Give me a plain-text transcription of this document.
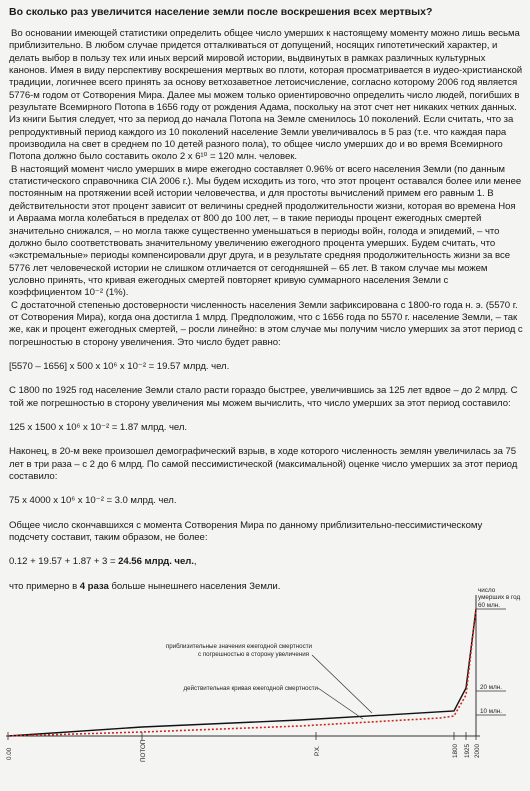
Во сколько раз увеличится население земли после воскрешения всех мертвых?

Во основании имеющей статистики определить общее число умерших к настоящему моменту можно лишь весьма приблизительно. В любом случае придется отталкиваться от допущений, носящих гипотетический характер, и делать выбор в пользу тех или иных версий мировой истории, выдвинутых в рамках различных культурных канонов. Имея в виду перспективу воскрешения мертвых во плоти, которая просматривается в иудео-христианской традиции, логичнее всего принять за основу ветхозаветное летоисчисление, согласно которому 2006 год является 5776-м годом от Сотворения Мира. Далее мы можем только ориентировочно определить число людей, погибших в результате Всемирного Потопа в 1656 году от рождения Адама, поскольку на этот счет нет никаких четких данных. Из книги Бытия следует, что за период до начала Потопа на Земле сменилось 10 поколений. Если считать, что за репродуктивный период каждого из 10 поколений население Земли увеличивалось в 5 раз (т.е. что каждая пара производила на свет в среднем по 10 детей разного пола), то общее число умерших до и во время Всемирного Потопа должно было составить около 2 х 6¹⁰ = 120 млн. человек.

В настоящий момент число умерших в мире ежегодно составляет 0.96% от всего населения Земли (по данным статистического справочника CIA 2006 г.). Мы будем исходить из того, что этот процент оставался более или менее постоянным на протяжении всей истории человечества, и для простоты вычислений примем его равным 1. В действительности этот процент зависит от величины средней продолжительности жизни, которая во времена Ноя и Авраама могла колебаться в пределах от 800 до 100 лет, – в такие периоды процент ежегодных смертей значительно снижался, – но могла также существенно уменьшаться в периоды войн, голода и эпидемий, – что должно было соответствовать значительному увеличению ежегодного процента умерших. Будем считать, что «экстремальные» периоды компенсировали друг друга, и в результате средняя продолжительность жизни за все 5776 лет человеческой истории не слишком отличается от сегодняшней – 65 лет. В таком случае мы можем условно принять, что кривая ежегодных смертей повторяет кривую суммарного населения Земли с коэффициентом 10⁻² (1%).

С достаточной степенью достоверности численность населения Земли зафиксирована с 1800-го года н. э. (5570 г. от Сотворения Мира), когда она достигла 1 млрд. Предположим, что с 1656 года по 5570 г. население Земли, – так же, как и процент ежегодных смертей, – росли линейно: в этом случае мы получим число умерших за этот период с погрешностью в сторону увеличения. Это число будет равно:

[5570 – 1656] х 500 х 10⁶ х 10⁻² = 19.57 млрд. чел.

С 1800 по 1925 год население Земли стало расти гораздо быстрее, увеличившись за 125 лет вдвое – до 2 млрд. С той же погрешностью в сторону увеличения мы можем вычислить, что число умерших за этот период составило:

125 х 1500 х 10⁶ х 10⁻² = 1.87 млрд. чел.

Наконец, в 20-м веке произошел демографический взрыв, в ходе которого численность землян увеличилась за 75 лет в три раза – с 2 до 6 млрд. По самой пессимистической (максимальной) оценке число умерших за этот период составило:

75 х 4000 х 10⁶ х 10⁻² = 3.0 млрд. чел.

Общее число скончавшихся с момента Сотворения Мира по данному приблизительно-пессимистическому подсчету составит, таким образом, не более:

0.12 + 19.57 + 1.87 + 3 = 24.56 млрд. чел.,

что примерно в 4 раза больше нынешнего населения Земли.

приблизительные значения ежегодной смертности
с погрешностью в сторону увеличения
действительная кривая ежегодной смертности
число
умерших в год
60 млн.
20 млн.
10 млн.
0.00	ПОТОП	Р.Х.	1800 1925 2000
